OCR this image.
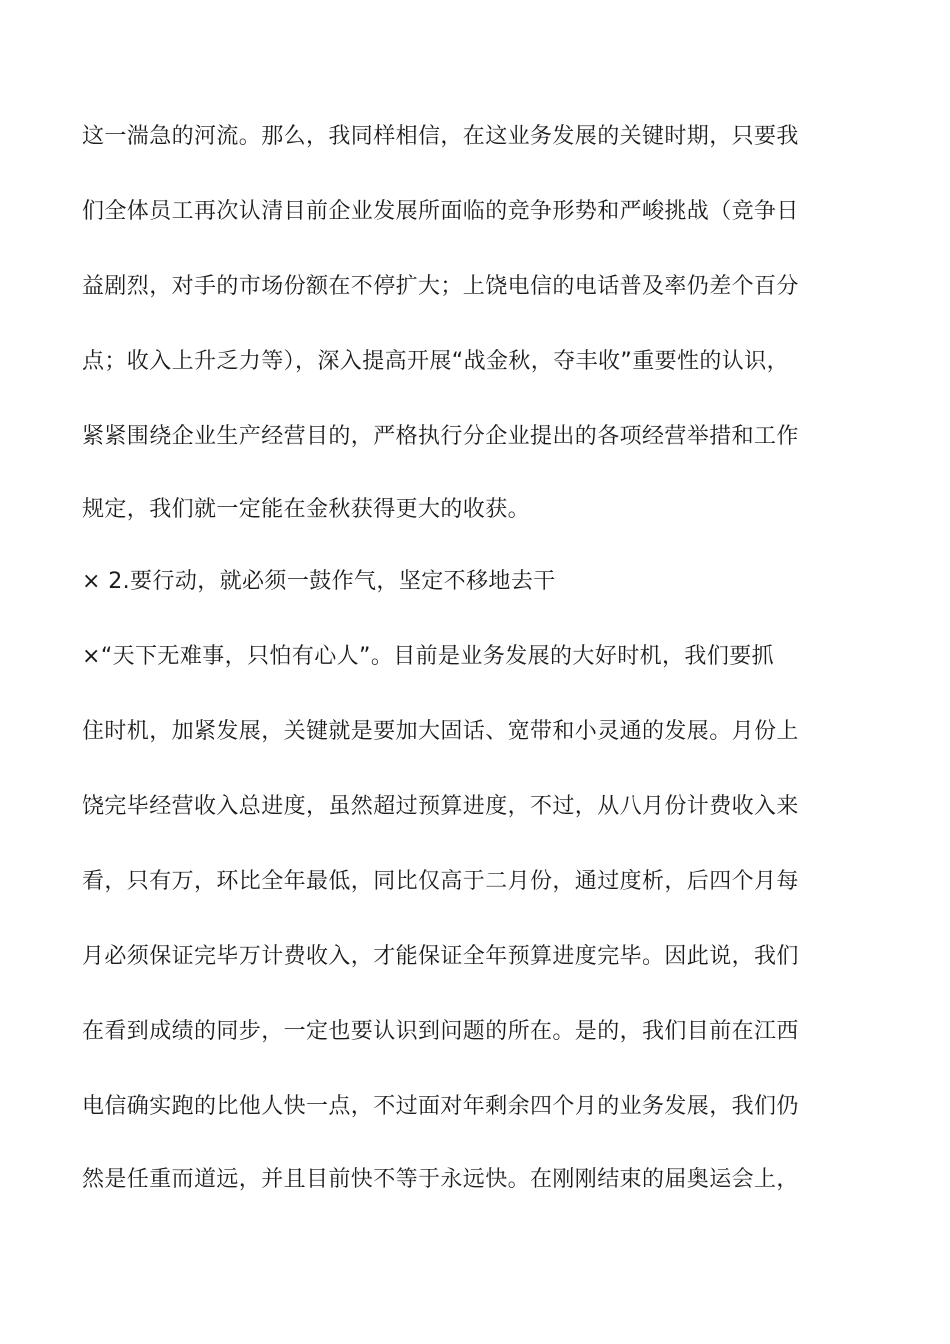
这一湍急的河流。那么，我同样相信，在这业务发展的关键时期，只要我
们全体员工再次认清目前企业发展所面临的竞争形势和严峻挑战（竞争日
益剧烈，对手的市场份额在不停扩大；上饶电信的电话普及率仍差个百分
点；收入上升乏力等），深入提高开展“战金秋，夺丰收”重要性的认识，
紧紧围绕企业生产经营目的，严格执行分企业提出的各项经营举措和工作
规定，我们就一定能在金秋获得更大的收获。
× 2.要行动，就必须一鼓作气，坚定不移地去干
×“天下无难事，只怕有心人”。目前是业务发展的大好时机，我们要抓
住时机，加紧发展，关键就是要加大固话、宽带和小灵通的发展。月份上
饶完毕经营收入总进度，虽然超过预算进度，不过，从八月份计费收入来
看，只有万，环比全年最低，同比仅高于二月份，通过度析，后四个月每
月必须保证完毕万计费收入，才能保证全年预算进度完毕。因此说，我们
在看到成绩的同步，一定也要认识到问题的所在。是的，我们目前在江西
电信确实跑的比他人快一点，不过面对年剩余四个月的业务发展，我们仍
然是任重而道远，并且目前快不等于永远快。在刚刚结束的届奥运会上，
